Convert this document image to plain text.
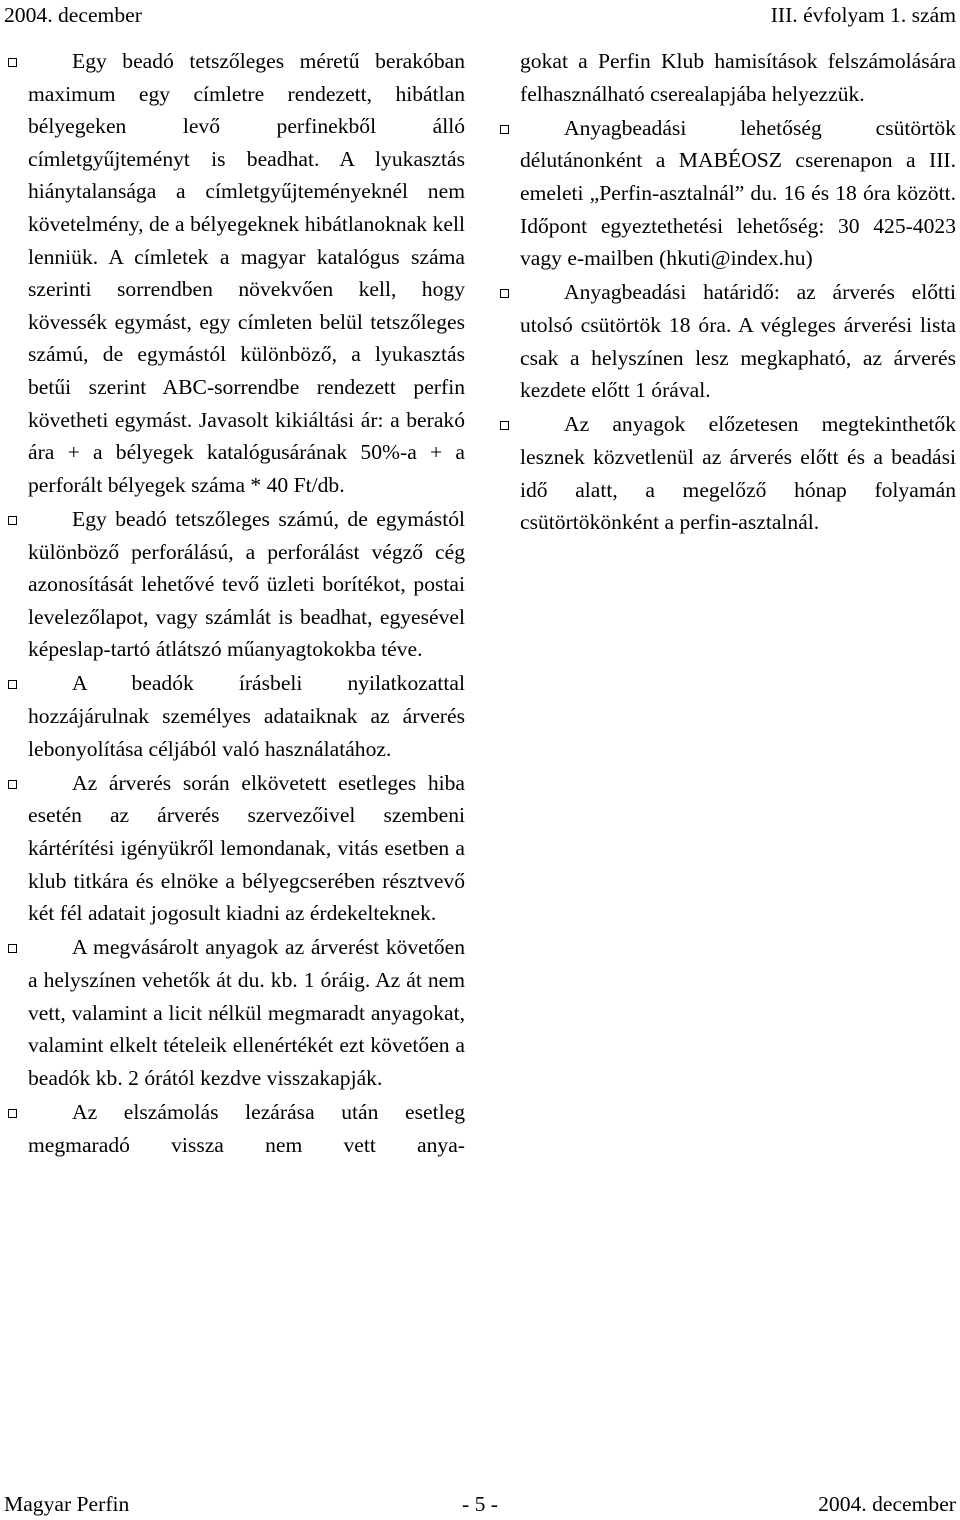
2004. december	III. évfolyam 1. szám

Egy beadó tetszőleges méretű berakóban maximum egy címletre rendezett, hibátlan bélyegeken levő perfinekből álló címletgyűjteményt is beadhat. A lyukasztás hiánytalansága a címletgyűjteményeknél nem követelmény, de a bélyegeknek hibátlanoknak kell lenniük. A címletek a magyar katalógus száma szerinti sorrendben növekvően kell, hogy kövessék egymást, egy címleten belül tetszőleges számú, de egymástól különböző, a lyukasztás betűi szerint ABC-sorrendbe rendezett perfin követheti egymást. Javasolt kikiáltási ár: a berakó ára + a bélyegek katalógusárának 50%-a + a perforált bélyegek száma * 40 Ft/db.

Egy beadó tetszőleges számú, de egymástól különböző perforálású, a perforálást végző cég azonosítását lehetővé tevő üzleti borítékot, postai levelezőlapot, vagy számlát is beadhat, egyesével képeslap-tartó átlátszó műanyagtokokba téve.

A beadók írásbeli nyilatkozattal hozzájárulnak személyes adataiknak az árverés lebonyolítása céljából való használatához.

Az árverés során elkövetett esetleges hiba esetén az árverés szervezőivel szembeni kártérítési igényükről lemondanak, vitás esetben a klub titkára és elnöke a bélyegcserében résztvevő két fél adatait jogosult kiadni az érdekelteknek.

A megvásárolt anyagok az árverést követően a helyszínen vehetők át du. kb. 1 óráig. Az át nem vett, valamint a licit nélkül megmaradt anyagokat, valamint elkelt tételeik ellenértékét ezt követően a beadók kb. 2 órától kezdve visszakapják.

Az elszámolás lezárása után esetleg megmaradó vissza nem vett anya-

gokat a Perfin Klub hamisítások felszámolására felhasználható cserealapjába helyezzük.

Anyagbeadási lehetőség csütörtök délutánonként a MABÉOSZ cserenapon a III. emeleti „Perfin-asztalnál” du. 16 és 18 óra között. Időpont egyeztethetési lehetőség: 30 425-4023 vagy e-mailben (hkuti@index.hu)

Anyagbeadási határidő: az árverés előtti utolsó csütörtök 18 óra. A végleges árverési lista csak a helyszínen lesz megkapható, az árverés kezdete előtt 1 órával.

Az anyagok előzetesen megtekinthetők lesznek közvetlenül az árverés előtt és a beadási idő alatt, a megelőző hónap folyamán csütörtökönként a perfin-asztalnál.

Magyar Perfin	- 5 -	2004. december
